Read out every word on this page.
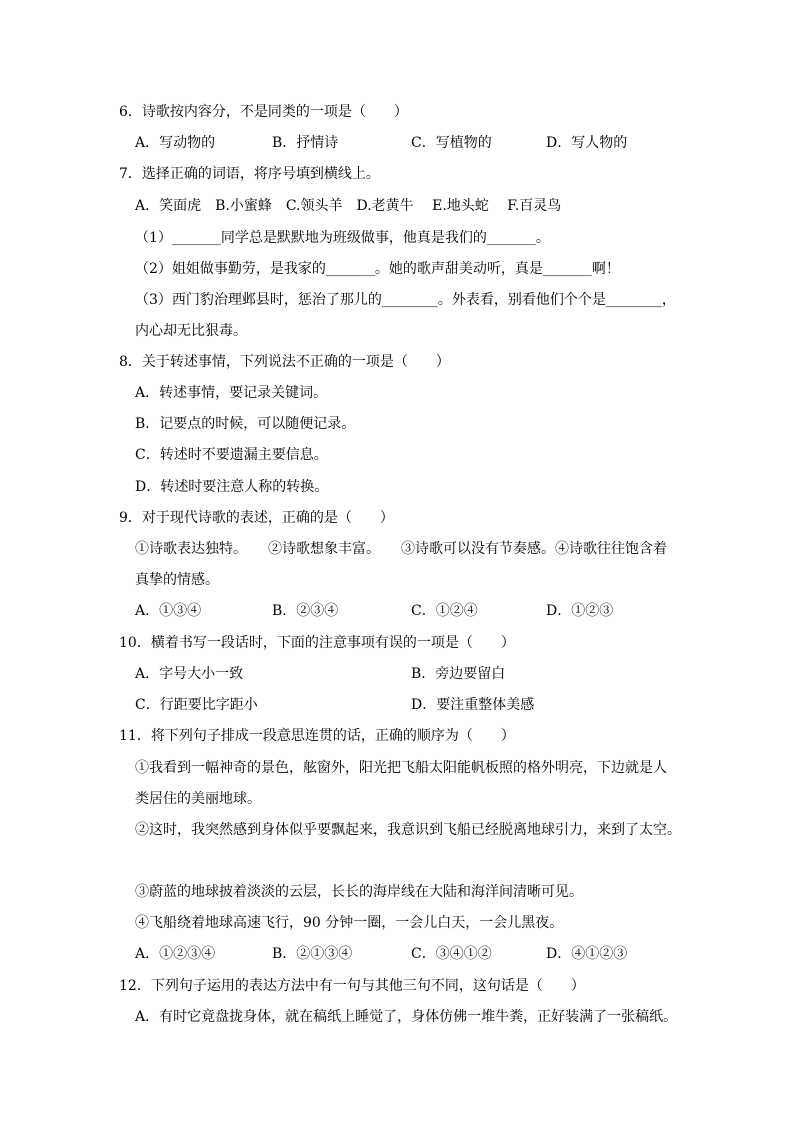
6．诗歌按内容分，不是同类的一项是（　　）
A．写动物的	B．抒情诗	C．写植物的	D．写人物的
7．选择正确的词语，将序号填到横线上。
A．笑面虎　B.小蜜蜂　C.领头羊　D.老黄牛　 E.地头蛇　 F.百灵鸟
（1）_______同学总是默默地为班级做事，他真是我们的_______。
（2）姐姐做事勤劳，是我家的_______。她的歌声甜美动听，真是_______啊！
（3）西门豹治理邺县时，惩治了那儿的________。外表看，别看他们个个是________，
内心却无比狠毒。
8．关于转述事情，下列说法不正确的一项是（　　）
A．转述事情，要记录关键词。
B．记要点的时候，可以随便记录。
C．转述时不要遗漏主要信息。
D．转述时要注意人称的转换。
9．对于现代诗歌的表述，正确的是（　　）
①诗歌表达独特。　　②诗歌想象丰富。　　③诗歌可以没有节奏感。④诗歌往往饱含着
真挚的情感。
A．①③④	B．②③④	C．①②④	D．①②③
10．横着书写一段话时，下面的注意事项有误的一项是（　　）
A．字号大小一致	B．旁边要留白
C．行距要比字距小	D．要注重整体美感
11．将下列句子排成一段意思连贯的话，正确的顺序为（　　）
①我看到一幅神奇的景色，舷窗外，阳光把飞船太阳能帆板照的格外明亮，下边就是人
类居住的美丽地球。
②这时，我突然感到身体似乎要飘起来，我意识到飞船已经脱离地球引力，来到了太空。
③蔚蓝的地球披着淡淡的云层，长长的海岸线在大陆和海洋间清晰可见。
④飞船绕着地球高速飞行，90 分钟一圈，一会儿白天，一会儿黑夜。
A．①②③④	B．②①③④	C．③④①②	D．④①②③
12．下列句子运用的表达方法中有一句与其他三句不同，这句话是（　　）
A．有时它竟盘拢身体，就在稿纸上睡觉了，身体仿佛一堆牛粪，正好装满了一张稿纸。
